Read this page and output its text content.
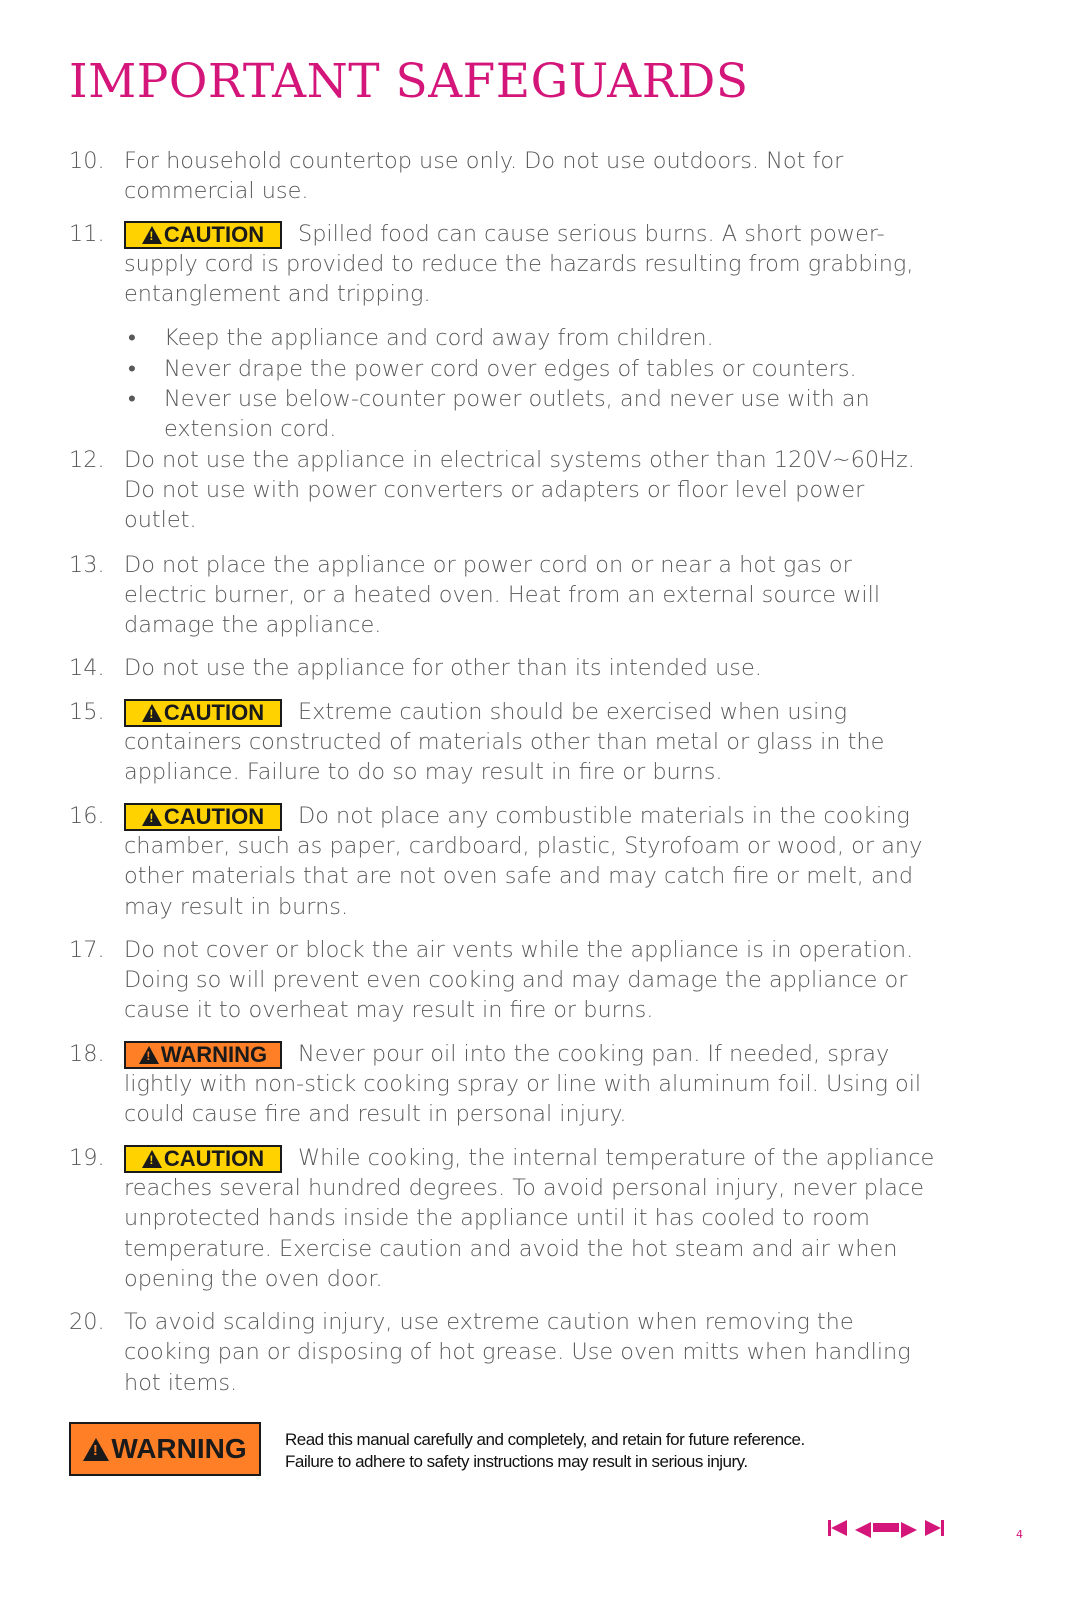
IMPORTANT SAFEGUARDS
10. For household countertop use only. Do not use outdoors. Not for commercial use.
11. !	CAUTION Spilled food can cause serious burns. A short power-supply cord is provided to reduce the hazards resulting from grabbing, entanglement and tripping.
• Keep the appliance and cord away from children.
• Never drape the power cord over edges of tables or counters.
• Never use below-counter power outlets, and never use with an extension cord.
12. Do not use the appliance in electrical systems other than 120V~60Hz. Do not use with power converters or adapters or floor level power outlet.
13. Do not place the appliance or power cord on or near a hot gas or electric burner, or a heated oven. Heat from an external source will damage the appliance.
14. Do not use the appliance for other than its intended use.
15. !	CAUTION Extreme caution should be exercised when using containers constructed of materials other than metal or glass in the appliance. Failure to do so may result in fire or burns.
16. !	CAUTION Do not place any combustible materials in the cooking chamber, such as paper, cardboard, plastic, Styrofoam or wood, or any other materials that are not oven safe and may catch fire or melt, and may result in burns.
17. Do not cover or block the air vents while the appliance is in operation. Doing so will prevent even cooking and may damage the appliance or cause it to overheat may result in fire or burns.
18. !	WARNING Never pour oil into the cooking pan. If needed, spray lightly with non-stick cooking spray or line with aluminum foil. Using oil could cause fire and result in personal injury.
19. !	CAUTION While cooking, the internal temperature of the appliance reaches several hundred degrees. To avoid personal injury, never place unprotected hands inside the appliance until it has cooled to room temperature. Exercise caution and avoid the hot steam and air when opening the oven door.
20. To avoid scalding injury, use extreme caution when removing the cooking pan or disposing of hot grease. Use oven mitts when handling hot items.
!WARNING	Read this manual carefully and completely, and retain for future reference.
Failure to adhere to safety instructions may result in serious injury.
4
